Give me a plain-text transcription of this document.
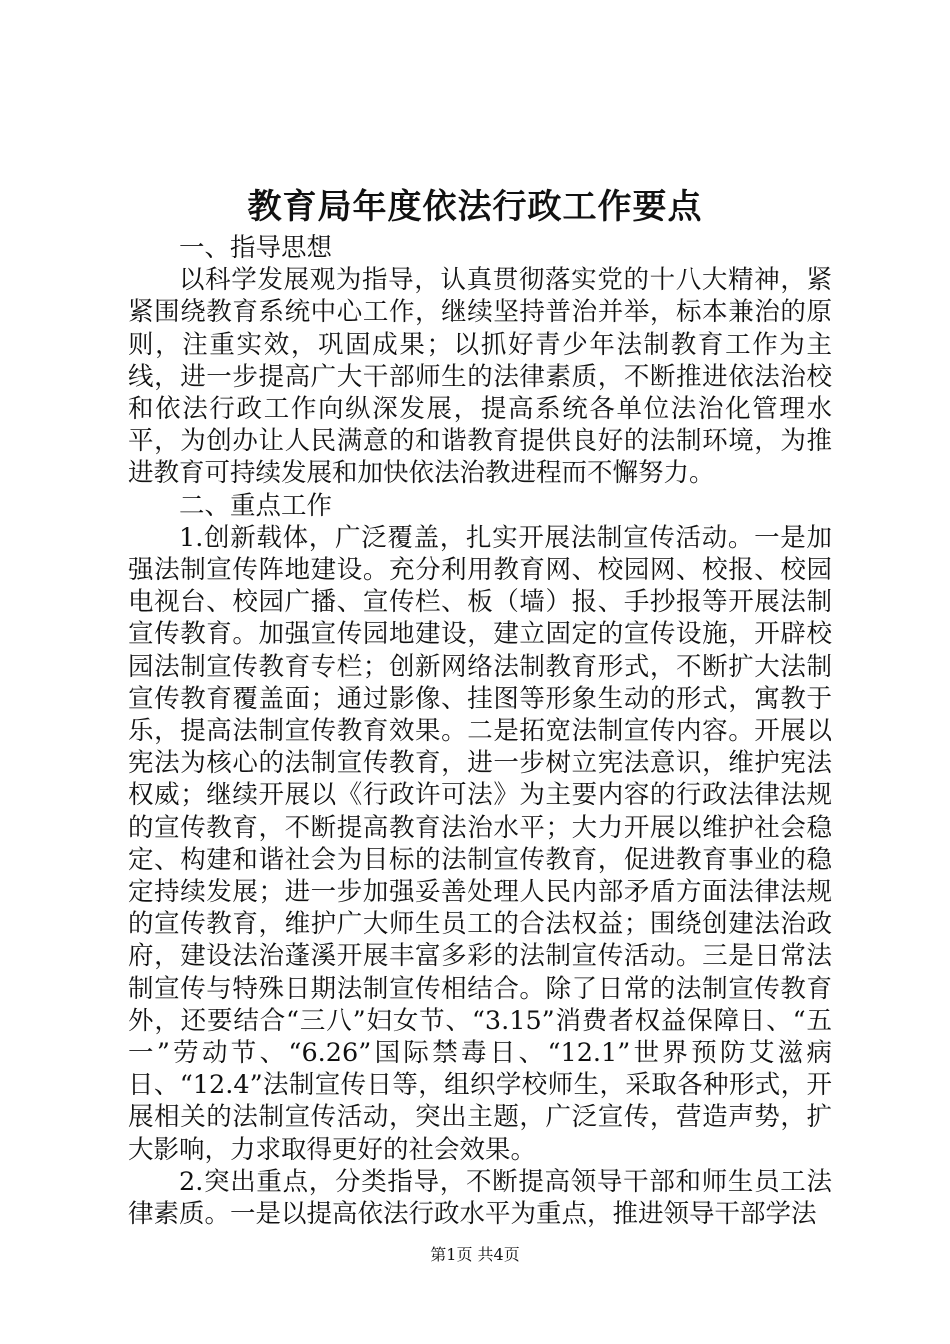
教育局年度依法行政工作要点

一、指导思想

以科学发展观为指导，认真贯彻落实党的十八大精神，紧紧围绕教育系统中心工作，继续坚持普治并举，标本兼治的原则，注重实效，巩固成果；以抓好青少年法制教育工作为主线，进一步提高广大干部师生的法律素质，不断推进依法治校和依法行政工作向纵深发展，提高系统各单位法治化管理水平，为创办让人民满意的和谐教育提供良好的法制环境，为推进教育可持续发展和加快依法治教进程而不懈努力。

二、重点工作

1.创新载体，广泛覆盖，扎实开展法制宣传活动。一是加强法制宣传阵地建设。充分利用教育网、校园网、校报、校园电视台、校园广播、宣传栏、板（墙）报、手抄报等开展法制宣传教育。加强宣传园地建设，建立固定的宣传设施，开辟校园法制宣传教育专栏；创新网络法制教育形式，不断扩大法制宣传教育覆盖面；通过影像、挂图等形象生动的形式，寓教于乐，提高法制宣传教育效果。二是拓宽法制宣传内容。开展以宪法为核心的法制宣传教育，进一步树立宪法意识，维护宪法权威；继续开展以《行政许可法》为主要内容的行政法律法规的宣传教育，不断提高教育法治水平；大力开展以维护社会稳定、构建和谐社会为目标的法制宣传教育，促进教育事业的稳定持续发展；进一步加强妥善处理人民内部矛盾方面法律法规的宣传教育，维护广大师生员工的合法权益；围绕创建法治政府，建设法治蓬溪开展丰富多彩的法制宣传活动。三是日常法制宣传与特殊日期法制宣传相结合。除了日常的法制宣传教育外，还要结合“三八”妇女节、“3.15”消费者权益保障日、“五一”劳动节、“6.26”国际禁毒日、“12.1”世界预防艾滋病日、“12.4”法制宣传日等，组织学校师生，采取各种形式，开展相关的法制宣传活动，突出主题，广泛宣传，营造声势，扩大影响，力求取得更好的社会效果。

2.突出重点，分类指导，不断提高领导干部和师生员工法律素质。一是以提高依法行政水平为重点，推进领导干部学法

第1页 共4页
